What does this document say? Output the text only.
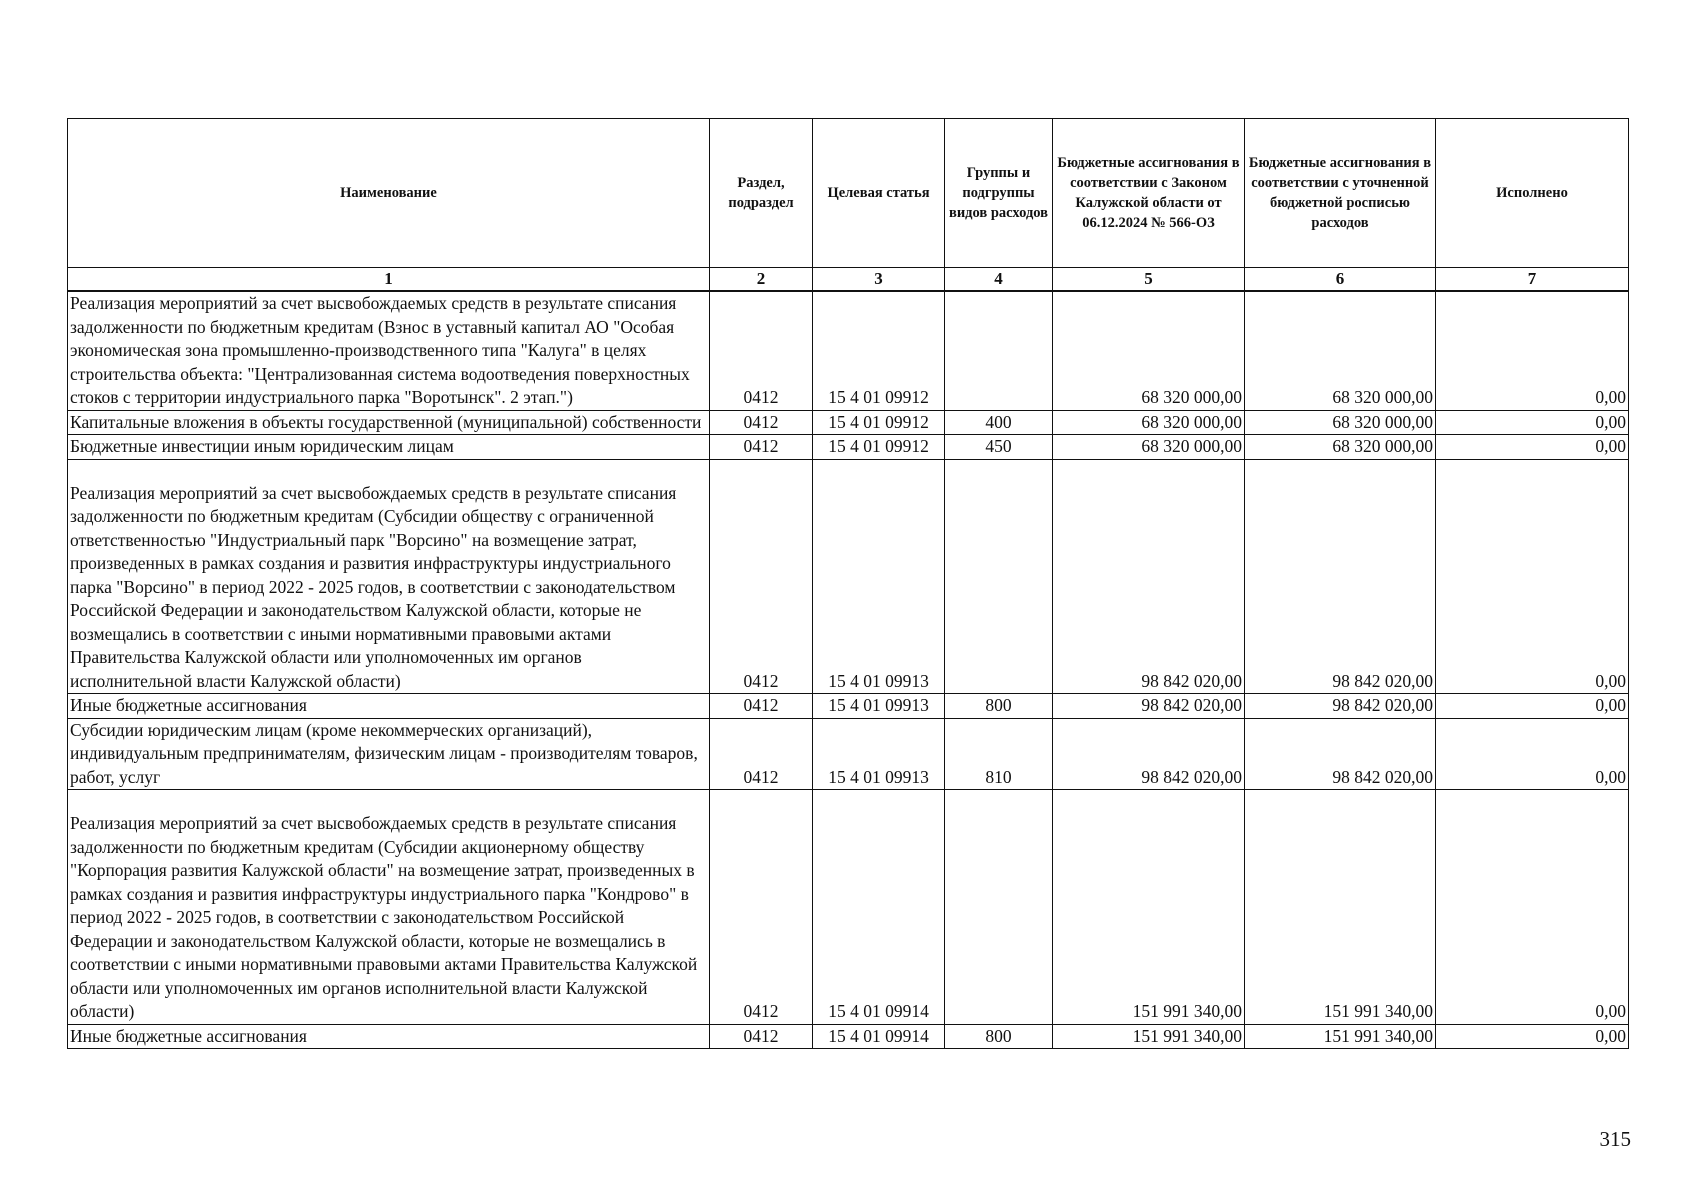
Наименование	Раздел, подраздел	Целевая статья	Группы и подгруппы видов расходов	Бюджетные ассигнования в соответствии с Законом Калужской области от 06.12.2024 № 566-ОЗ	Бюджетные ассигнования в соответствии с уточненной бюджетной росписью расходов	Исполнено
1	2	3	4	5	6	7
Реализация мероприятий за счет высвобождаемых средств в результате списания задолженности по бюджетным кредитам (Взнос в уставный капитал АО "Особая экономическая зона промышленно-производственного типа "Калуга" в целях строительства объекта: "Централизованная система водоотведения поверхностных стоков с территории индустриального парка "Воротынск". 2 этап.")	0412	15 4 01 09912		68 320 000,00	68 320 000,00	0,00
Капитальные вложения в объекты государственной (муниципальной) собственности	0412	15 4 01 09912	400	68 320 000,00	68 320 000,00	0,00
Бюджетные инвестиции иным юридическим лицам	0412	15 4 01 09912	450	68 320 000,00	68 320 000,00	0,00
Реализация мероприятий за счет высвобождаемых средств в результате списания задолженности по бюджетным кредитам (Субсидии обществу с ограниченной ответственностью "Индустриальный парк "Ворсино" на возмещение затрат, произведенных в рамках создания и развития инфраструктуры индустриального парка "Ворсино" в период 2022 - 2025 годов, в соответствии с законодательством Российской Федерации и законодательством Калужской области, которые не возмещались в соответствии с иными нормативными правовыми актами Правительства Калужской области или уполномоченных им органов исполнительной власти Калужской области)	0412	15 4 01 09913		98 842 020,00	98 842 020,00	0,00
Иные бюджетные ассигнования	0412	15 4 01 09913	800	98 842 020,00	98 842 020,00	0,00
Субсидии юридическим лицам (кроме некоммерческих организаций), индивидуальным предпринимателям, физическим лицам - производителям товаров, работ, услуг	0412	15 4 01 09913	810	98 842 020,00	98 842 020,00	0,00
Реализация мероприятий за счет высвобождаемых средств в результате списания задолженности по бюджетным кредитам (Субсидии акционерному обществу "Корпорация развития Калужской области" на возмещение затрат, произведенных в рамках создания и развития инфраструктуры индустриального парка "Кондрово" в период 2022 - 2025 годов, в соответствии с законодательством Российской Федерации и законодательством Калужской области, которые не возмещались в соответствии с иными нормативными правовыми актами Правительства Калужской области или уполномоченных им органов исполнительной власти Калужской области)	0412	15 4 01 09914		151 991 340,00	151 991 340,00	0,00
Иные бюджетные ассигнования	0412	15 4 01 09914	800	151 991 340,00	151 991 340,00	0,00
315
